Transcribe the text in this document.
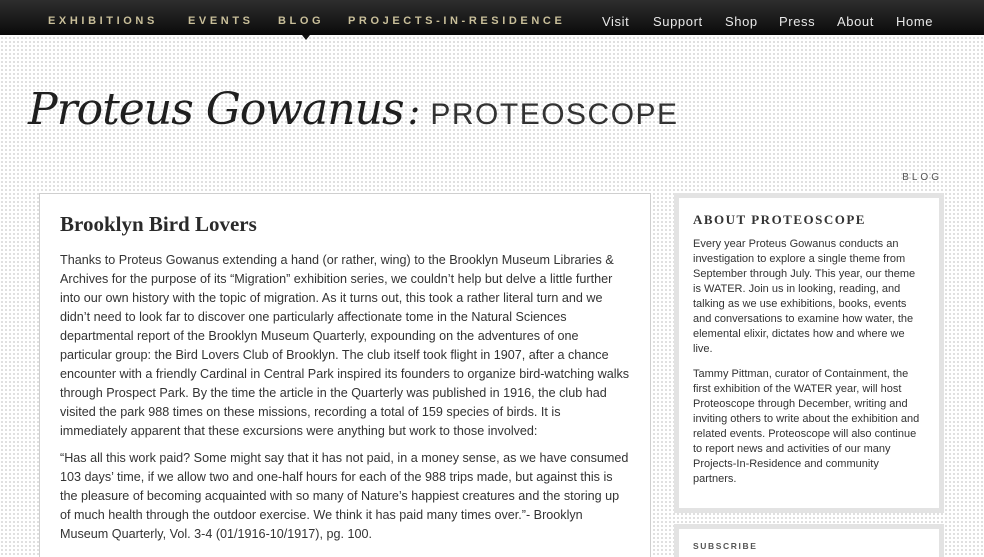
EXHIBITIONS	EVENTS BLOG PROJECTS-IN-RESIDENCE	Visit Support Shop Press About Home
Proteus Gowanus : PROTEOSCOPE
BLOG
Brooklyn Bird Lovers

Thanks to Proteus Gowanus extending a hand (or rather, wing) to the Brooklyn Museum Libraries & Archives for the purpose of its “Migration” exhibition series, we couldn’t help but delve a little further into our own history with the topic of migration. As it turns out, this took a rather literal turn and we didn’t need to look far to discover one particularly affectionate tome in the Natural Sciences departmental report of the Brooklyn Museum Quarterly, expounding on the adventures of one particular group: the Bird Lovers Club of Brooklyn. The club itself took flight in 1907, after a chance encounter with a friendly Cardinal in Central Park inspired its founders to organize bird-watching walks through Prospect Park. By the time the article in the Quarterly was published in 1916, the club had visited the park 988 times on these missions, recording a total of 159 species of birds. It is immediately apparent that these excursions were anything but work to those involved:

“Has all this work paid? Some might say that it has not paid, in a money sense, as we have consumed 103 days’ time, if we allow two and one-half hours for each of the 988 trips made, but against this is the pleasure of becoming acquainted with so many of Nature’s happiest creatures and the storing up of much health through the outdoor exercise. We think it has paid many times over.”- Brooklyn Museum Quarterly, Vol. 3-4 (01/1916-10/1917), pg. 100.

ABOUT PROTEOSCOPE

Every year Proteus Gowanus conducts an investigation to explore a single theme from September through July. This year, our theme is WATER. Join us in looking, reading, and talking as we use exhibitions, books, events and conversations to examine how water, the elemental elixir, dictates how and where we live.

Tammy Pittman, curator of Containment, the first exhibition of the WATER year, will host Proteoscope through December, writing and inviting others to write about the exhibition and related events. Proteoscope will also continue to report news and activities of our many Projects-In-Residence and community partners.

SUBSCRIBE
